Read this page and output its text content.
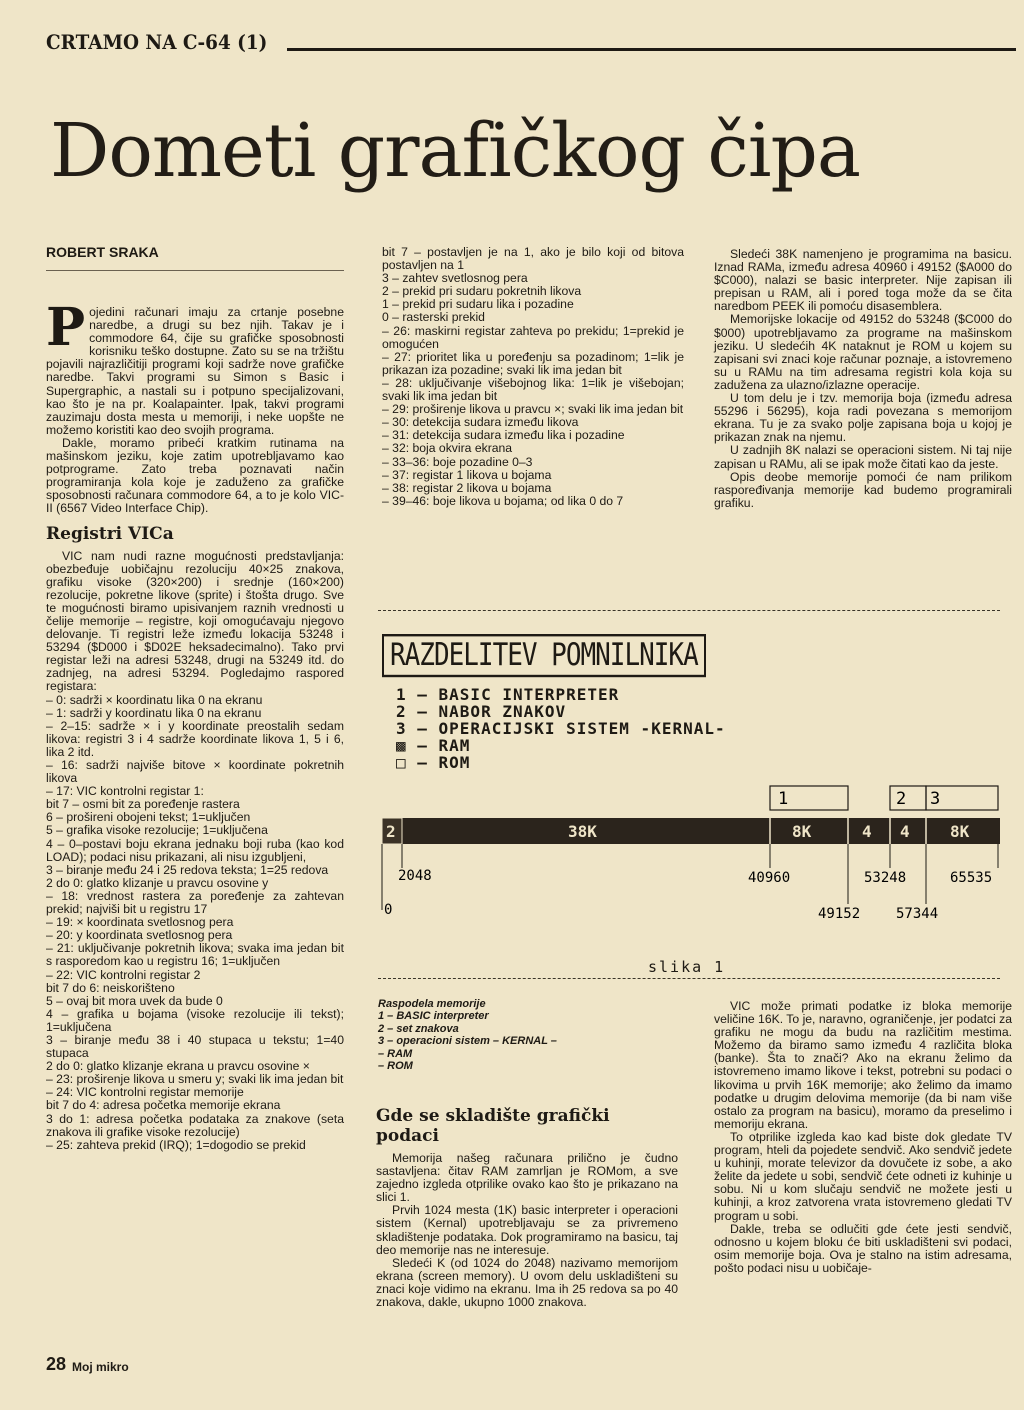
CRTAMO NA C-64 (1)
Dometi grafičkog čipa
ROBERT SRAKA

Pojedini računari imaju za crtanje posebne naredbe, a drugi su bez njih. Takav je i commodore 64, čije su grafičke sposobnosti korisniku teško dostupne. Zato su se na tržištu pojavili najrazličitiji programi koji sadrže nove grafičke naredbe. Takvi programi su Simon s Basic i Supergraphic, a nastali su i potpuno specijalizovani, kao što je na pr. Koalapainter. Ipak, takvi programi zauzimaju dosta mesta u memoriji, i neke uopšte ne možemo koristiti kao deo svojih programa.

Dakle, moramo pribeći kratkim rutinama na mašinskom jeziku, koje zatim upotrebljavamo kao potprograme. Zato treba poznavati način programiranja kola koje je zaduženo za grafičke sposobnosti računara commodore 64, a to je kolo VIC-II (6567 Video Interface Chip).

Registri VICa

VIC nam nudi razne mogućnosti predstavljanja: obezbeđuje uobičajnu rezoluciju 40×25 znakova, grafiku visoke (320×200) i srednje (160×200) rezolucije, pokretne likove (sprite) i štošta drugo. Sve te mogućnosti biramo upisivanjem raznih vrednosti u čelije memorije – registre, koji omogućavaju njegovo delovanje. Ti registri leže između lokacija 53248 i 53294 ($D000 i $D02E heksadecimalno). Tako prvi registar leži na adresi 53248, drugi na 53249 itd. do zadnjeg, na adresi 53294. Pogledajmo raspored registara:

– 0: sadrži × koordinatu lika 0 na ekranu

– 1: sadrži y koordinatu lika 0 na ekranu

– 2–15: sadrže × i y koordinate preostalih sedam likova: registri 3 i 4 sadrže koordinate likova 1, 5 i 6, lika 2 itd.

– 16: sadrži najviše bitove × koordinate pokretnih likova

– 17: VIC kontrolni registar 1:

bit 7 – osmi bit za poređenje rastera

6 – prošireni obojeni tekst; 1=uključen

5 – grafika visoke rezolucije; 1=uključena

4 – 0–postavi boju ekrana jednaku boji ruba (kao kod LOAD); podaci nisu prikazani, ali nisu izgubljeni,

3 – biranje među 24 i 25 redova teksta; 1=25 redova

2 do 0: glatko klizanje u pravcu osovine y

– 18: vrednost rastera za poređenje za zahtevan prekid; najviši bit u registru 17

– 19: × koordinata svetlosnog pera

– 20: y koordinata svetlosnog pera

– 21: uključivanje pokretnih likova; svaka ima jedan bit s rasporedom kao u registru 16; 1=uključen

– 22: VIC kontrolni registar 2

bit 7 do 6: neiskorišteno

5 – ovaj bit mora uvek da bude 0

4 – grafika u bojama (visoke rezolucije ili tekst); 1=uključena

3 – biranje među 38 i 40 stupaca u tekstu; 1=40 stupaca

2 do 0: glatko klizanje ekrana u pravcu osovine ×

– 23: proširenje likova u smeru y; svaki lik ima jedan bit

– 24: VIC kontrolni registar memorije

bit 7 do 4: adresa početka memorije ekrana

3 do 1: adresa početka podataka za znakove (seta znakova ili grafike visoke rezolucije)

– 25: zahteva prekid (IRQ); 1=dogodio se prekid

bit 7 – postavljen je na 1, ako je bilo koji od bitova postavljen na 1

3 – zahtev svetlosnog pera

2 – prekid pri sudaru pokretnih likova

1 – prekid pri sudaru lika i pozadine

0 – rasterski prekid

– 26: maskirni registar zahteva po prekidu; 1=prekid je omogućen

– 27: prioritet lika u poređenju sa pozadinom; 1=lik je prikazan iza pozadine; svaki lik ima jedan bit

– 28: uključivanje višebojnog lika: 1=lik je višebojan; svaki lik ima jedan bit

– 29: proširenje likova u pravcu ×; svaki lik ima jedan bit

– 30: detekcija sudara između likova

– 31: detekcija sudara između lika i pozadine

– 32: boja okvira ekrana

– 33–36: boje pozadine 0–3

– 37: registar 1 likova u bojama

– 38: registar 2 likova u bojama

– 39–46: boje likova u bojama; od lika 0 do 7

Sledeći 38K namenjeno je programima na basicu. Iznad RAMa, između adresa 40960 i 49152 ($A000 do $C000), nalazi se basic interpreter. Nije zapisan ili prepisan u RAM, ali i pored toga može da se čita naredbom PEEK ili pomoću disasemblera.

Memorijske lokacije od 49152 do 53248 ($C000 do $000) upotrebljavamo za programe na mašinskom jeziku. U sledećih 4K nataknut je ROM u kojem su zapisani svi znaci koje računar poznaje, a istovremeno su u RAMu na tim adresama registri kola koja su zadužena za ulazno/izlazne operacije.

U tom delu je i tzv. memorija boja (između adresa 55296 i 56295), koja radi povezana s memorijom ekrana. Tu je za svako polje zapisana boja u kojoj je prikazan znak na njemu.

U zadnjih 8K nalazi se operacioni sistem. Ni taj nije zapisan u RAMu, ali se ipak može čitati kao da jeste.

Opis deobe memorije pomoći će nam prilikom raspoređivanja memorije kad budemo programirali grafiku.

RAZDELITEV POMNILNIKA

1 – BASIC INTERPRETER

2 – NABOR ZNAKOV

3 – OPERACIJSKI SISTEM -KERNAL-

▩ – RAM

□ – ROM

1	2 3
2	38K	8K	4 4	8K
2048	40960	53248	65535
0	49152	57344
slika 1

Raspodela memorije

1 – BASIC interpreter

2 – set znakova

3 – operacioni sistem – KERNAL –

– RAM

– ROM

Gde se skladište grafički podaci

Memorija našeg računara prilično je čudno sastavljena: čitav RAM zamrljan je ROMom, a sve zajedno izgleda otprilike ovako kao što je prikazano na slici 1.

Prvih 1024 mesta (1K) basic interpreter i operacioni sistem (Kernal) upotrebljavaju se za privremeno skladištenje podataka. Dok programiramo na basicu, taj deo memorije nas ne interesuje.

Sledeći K (od 1024 do 2048) nazivamo memorijom ekrana (screen memory). U ovom delu uskladišteni su znaci koje vidimo na ekranu. Ima ih 25 redova sa po 40 znakova, dakle, ukupno 1000 znakova.

VIC može primati podatke iz bloka memorije veličine 16K. To je, naravno, ograničenje, jer podatci za grafiku ne mogu da budu na različitim mestima. Možemo da biramo samo između 4 različita bloka (banke). Šta to znači? Ako na ekranu želimo da istovremeno imamo likove i tekst, potrebni su podaci o likovima u prvih 16K memorije; ako želimo da imamo podatke u drugim delovima memorije (da bi nam više ostalo za program na basicu), moramo da preselimo i memoriju ekrana.

To otprilike izgleda kao kad biste dok gledate TV program, hteli da pojedete sendvič. Ako sendvič jedete u kuhinji, morate televizor da dovučete iz sobe, a ako želite da jedete u sobi, sendvič ćete odneti iz kuhinje u sobu. Ni u kom slučaju sendvič ne možete jesti u kuhinji, a kroz zatvorena vrata istovremeno gledati TV program u sobi.

Dakle, treba se odlučiti gde ćete jesti sendvič, odnosno u kojem bloku će biti uskladišteni svi podaci, osim memorije boja. Ova je stalno na istim adresama, pošto podaci nisu u uobičaje-

28 Moj mikro
